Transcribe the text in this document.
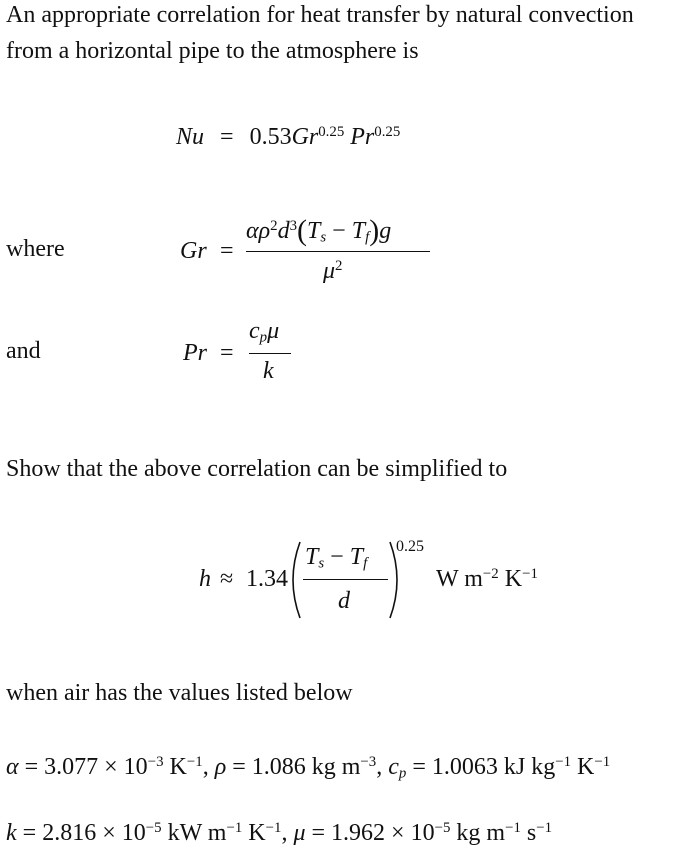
An appropriate correlation for heat transfer by natural convection
from a horizontal pipe to the atmosphere is
$Nu = 0.53Gr^{0.25}$ $Pr^{0.25}$
where	Gr =
$\alpha\rho^2d^3(T_s - T_f)g$
$\mu^2$
and	Pr =
$c_p\mu$
k
Show that the above correlation can be simplified to
h ≈ 1.34
$T_s - T_f$
d
0.25
W $m^{-2}$ $K^{-1}$
when air has the values listed below
$\alpha = 3.077 \times 10^{-3}$ $K^{-1}$, ρ = 1.086 kg $m^{-3}$, $c_p = 1.0063$ kJ $kg^{-1}$ $K^{-1}$
$k = 2.816 \times 10^{-5}$ kW $m^{-1}$ $K^{-1}$, $\mu = 1.962 \times 10^{-5}$ kg $m^{-1}$ $s^{-1}$
